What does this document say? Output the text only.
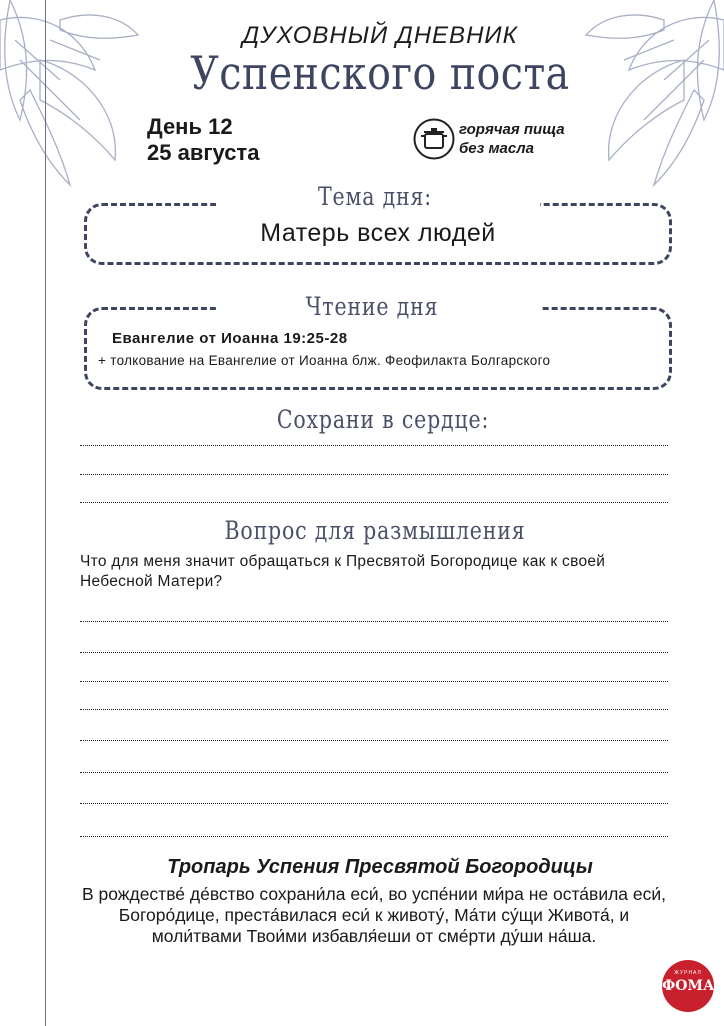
ДУХОВНЫЙ ДНЕВНИК
Успенского поста
День 12
25 августа
горячая пища
без масла
Тема дня:
Матерь всех людей
Чтение дня
Евангелие от Иоанна 19:25-28
+ толкование на Евангелие от Иоанна блж. Феофилакта Болгарского
Сохрани в сердце:
Вопрос для размышления
Что для меня значит обращаться к Пресвятой Богородице как к своей Небесной Матери?
Тропарь Успения Пресвятой Богородицы
В рождестве́ де́вство сохрани́ла еси́, во успе́нии ми́ра не оста́вила еси́, Богоро́дице, преста́вилася еси́ к животу́, Ма́ти су́щи Живота́, и моли́твами Твои́ми избавля́еши от сме́рти ду́ши на́ша.
ЖУРНАЛ
ФОМА
